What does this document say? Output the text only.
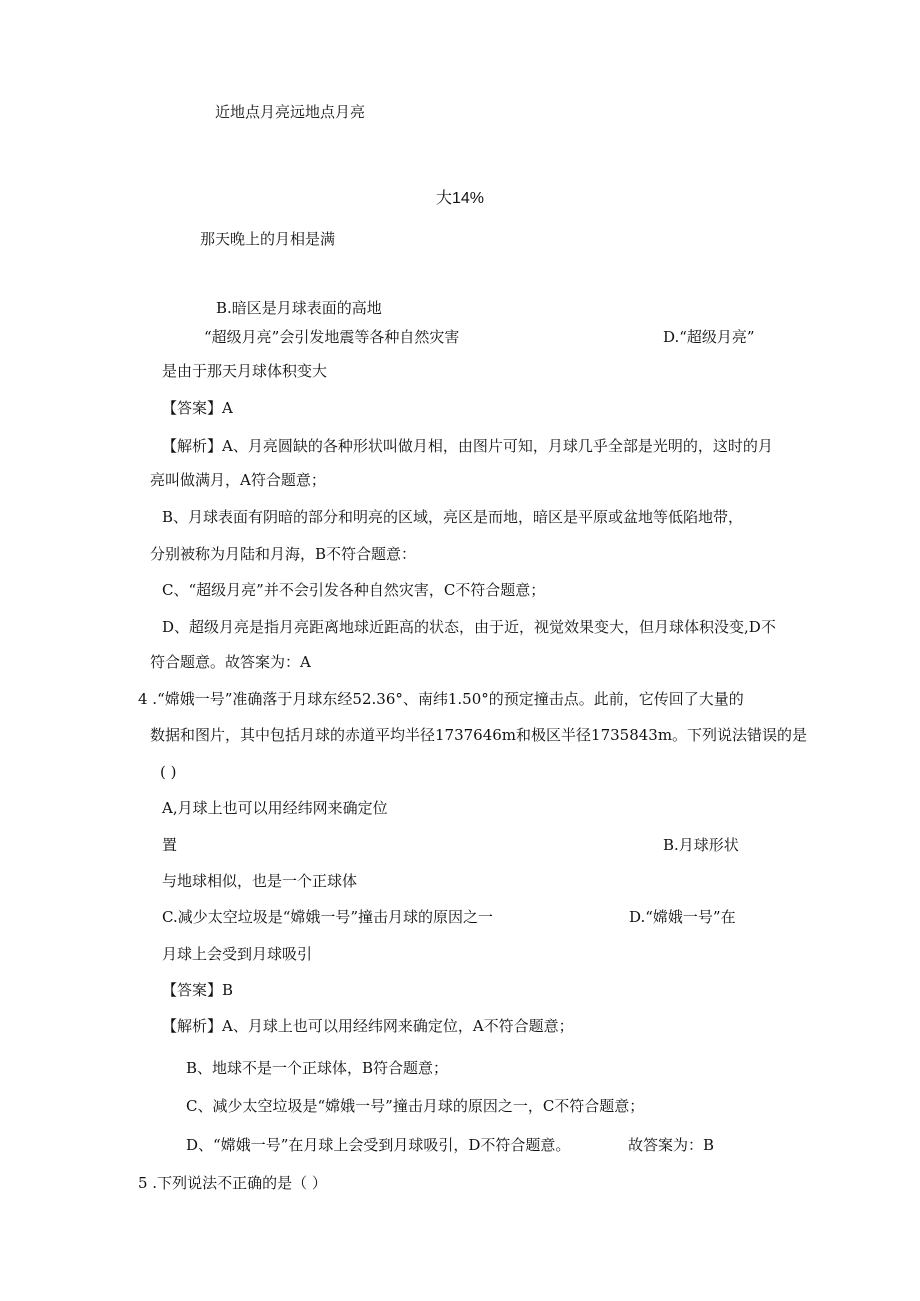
近地点月亮远地点月亮
大14%
那天晚上的月相是满
B.暗区是月球表面的高地
“超级月亮”会引发地震等各种自然灾害	D.“超级月亮”
是由于那天月球体积变大
【答案】A
【解析】A、月亮圆缺的各种形状叫做月相，由图片可知，月球几乎全部是光明的，这时的月
亮叫做满月，A符合题意；
B、月球表面有阴暗的部分和明亮的区域，亮区是而地，暗区是平原或盆地等低陷地带，
分别被称为月陆和月海，B不符合题意：
C、“超级月亮”并不会引发各种自然灾害，C不符合题意；
D、超级月亮是指月亮距离地球近距高的状态，由于近，视觉效果变大，但月球体积没变,D不
符合题意。故答案为：A
4 .“嫦娥一号”准确落于月球东经52.36°、南纬1.50°的预定撞击点。此前，它传回了大量的
数据和图片，其中包括月球的赤道平均半径1737646m和极区半径1735843m。下列说法错误的是
( )
A,月球上也可以用经纬网来确定位
置	B.月球形状
与地球相似，也是一个正球体
C.减少太空垃圾是“嫦娥一号”撞击月球的原因之一	D.“嫦娥一号”在
月球上会受到月球吸引
【答案】B
【解析】A、月球上也可以用经纬网来确定位，A不符合题意；
B、地球不是一个正球体，B符合题意；
C、减少太空垃圾是“嫦娥一号”撞击月球的原因之一，C不符合题意；
D、“嫦娥一号”在月球上会受到月球吸引，D不符合题意。	故答案为：B
5 .下列说法不正确的是（ ）
